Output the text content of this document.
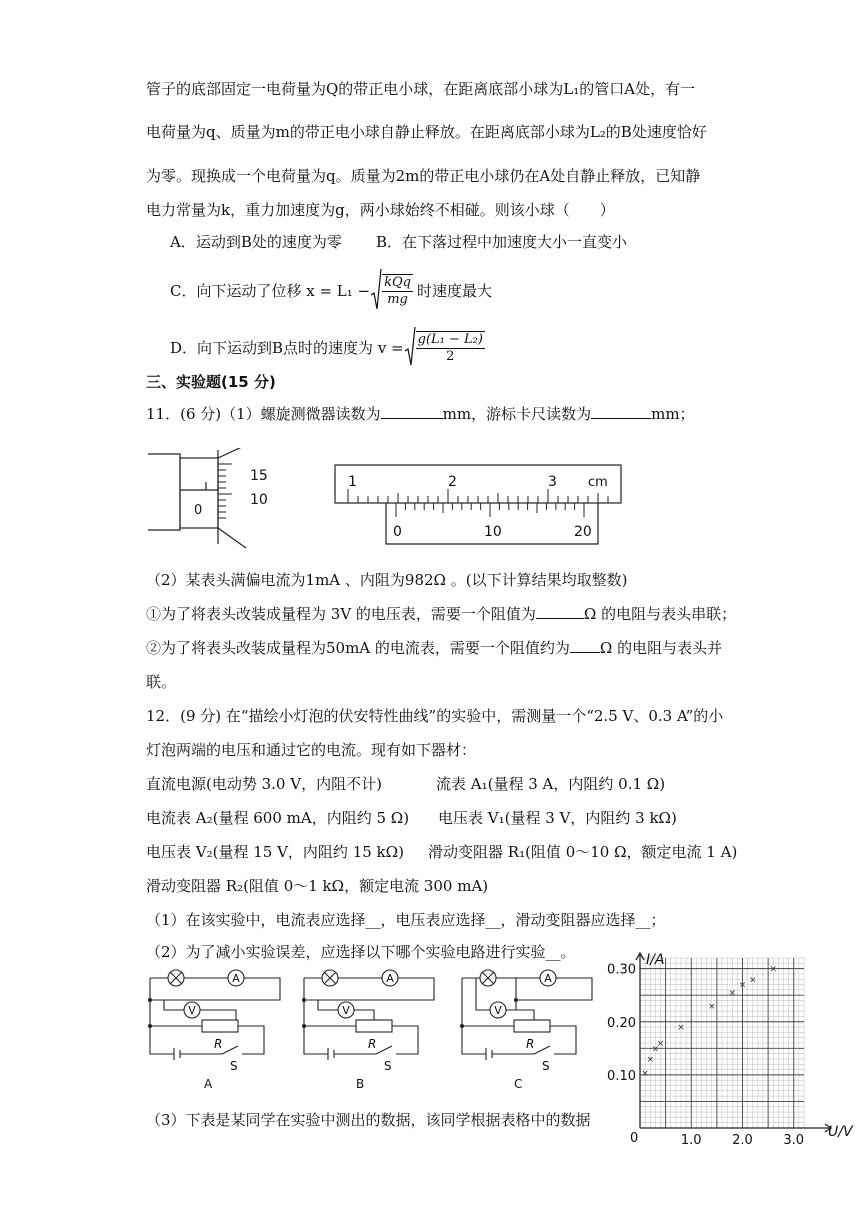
管子的底部固定一电荷量为Q的带正电小球，在距离底部小球为L₁的管口A处，有一
电荷量为q、质量为m的带正电小球自静止释放。在距离底部小球为L₂的B处速度恰好
为零。现换成一个电荷量为q。质量为2m的带正电小球仍在A处自静止释放，已知静
电力常量为k，重力加速度为g，两小球始终不相碰。则该小球（　　）
A．运动到B处的速度为零 B．在下落过程中加速度大小一直变小
C．向下运动了位移 $x = L_1 - \frac{\text{kQq}}{mg}$ 时速度最大
D．向下运动到B点时的速度为 $v = \frac{\text{g(L₁ − L₂)}}{2}$
三、实验题(15 分)
11．(6 分)（1）螺旋测微器读数为	mm，游标卡尺读数为	mm；
15
10
0
1	2	3 cm
0	10	20
（2）某表头满偏电流为1mA 、内阻为982Ω 。(以下计算结果均取整数)
①为了将表头改装成量程为 3V 的电压表，需要一个阻值为	Ω 的电阻与表头串联；
②为了将表头改装成量程为50mA 的电流表，需要一个阻值约为 Ω 的电阻与表头并
联。
12．(9 分) 在“描绘小灯泡的伏安特性曲线”的实验中，需测量一个“2.5 V、0.3 A”的小
灯泡两端的电压和通过它的电流。现有如下器材：
直流电源(电动势 3.0 V，内阻不计)	流表 A₁(量程 3 A，内阻约 0.1 Ω)
电流表 A₂(量程 600 mA，内阻约 5 Ω) 电压表 V₁(量程 3 V，内阻约 3 kΩ)
电压表 V₂(量程 15 V，内阻约 15 kΩ) 滑动变阻器 R₁(阻值 0～10 Ω，额定电流 1 A)
滑动变阻器 R₂(阻值 0～1 kΩ，额定电流 300 mA)
（1）在该实验中，电流表应选择__，电压表应选择__，滑动变阻器应选择__；
（2）为了减小实验误差，应选择以下哪个实验电路进行实验__。
（3）下表是某同学在实验中测出的数据，该同学根据表格中的数据
A
V
R
S
A
A
V
R
S
B
A
V
R
S
C
0.10
0.20
0.30
1.0 2.0 3.0
×
×
×
×
×
×
×
×
×
×
I/A
U/V
0
